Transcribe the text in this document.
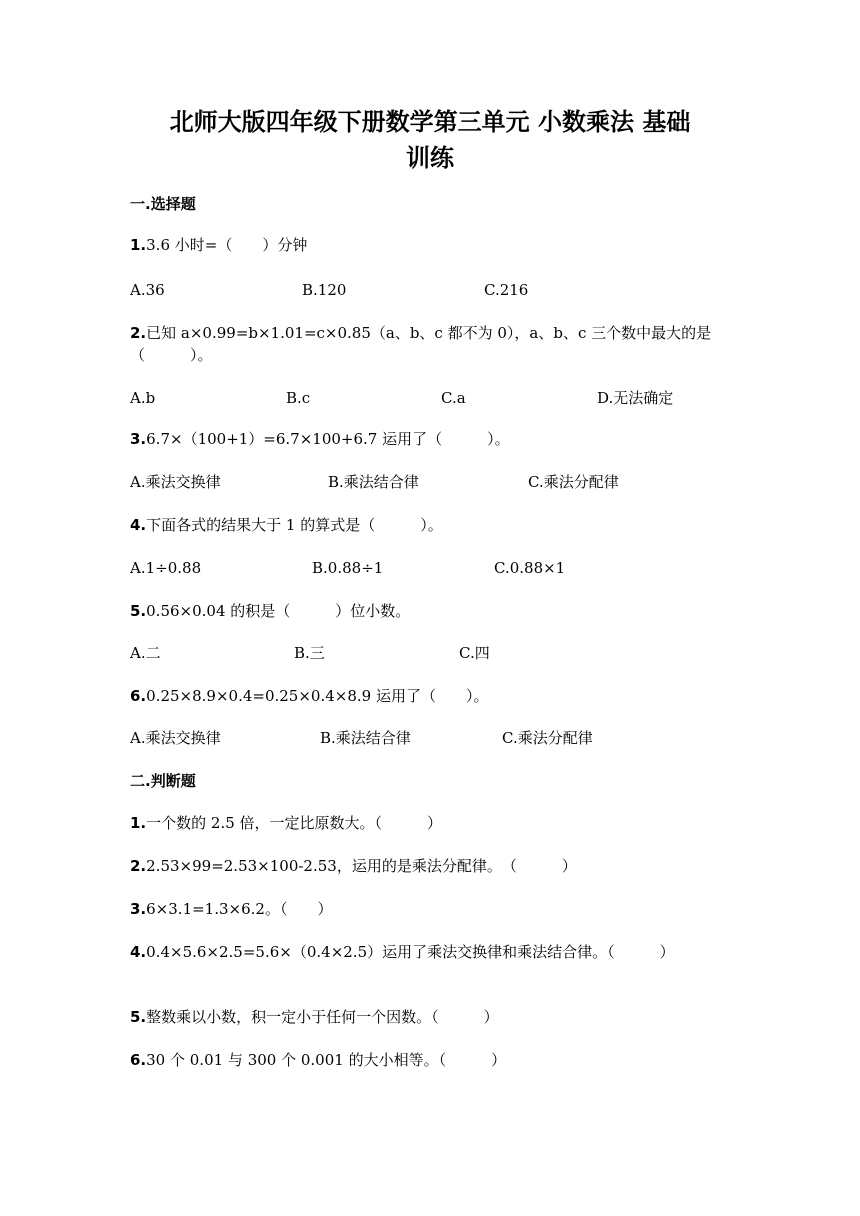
北师大版四年级下册数学第三单元 小数乘法 基础
训练
一.选择题
1.3.6 小时=（　　）分钟
A.36	B.120	C.216
2.已知 a×0.99=b×1.01=c×0.85（a、b、c 都不为 0），a、b、c 三个数中最大的是（　　　）。
A.b	B.c	C.a	D.无法确定
3.6.7×（100+1）=6.7×100+6.7 运用了（　　　）。
A.乘法交换律	B.乘法结合律	C.乘法分配律
4.下面各式的结果大于 1 的算式是（　　　）。
A.1÷0.88	B.0.88÷1	C.0.88×1
5.0.56×0.04 的积是（　　　）位小数。
A.二	B.三	C.四
6.0.25×8.9×0.4=0.25×0.4×8.9 运用了（　　）。
A.乘法交换律	B.乘法结合律	C.乘法分配律
二.判断题
1.一个数的 2.5 倍，一定比原数大。（　　　）
2.2.53×99=2.53×100-2.53，运用的是乘法分配律。　（　　　）
3.6×3.1=1.3×6.2。（　　）
4.0.4×5.6×2.5=5.6×（0.4×2.5）运用了乘法交换律和乘法结合律。（　　　）
5.整数乘以小数，积一定小于任何一个因数。（　　　）
6.30 个 0.01 与 300 个 0.001 的大小相等。（　　　）
